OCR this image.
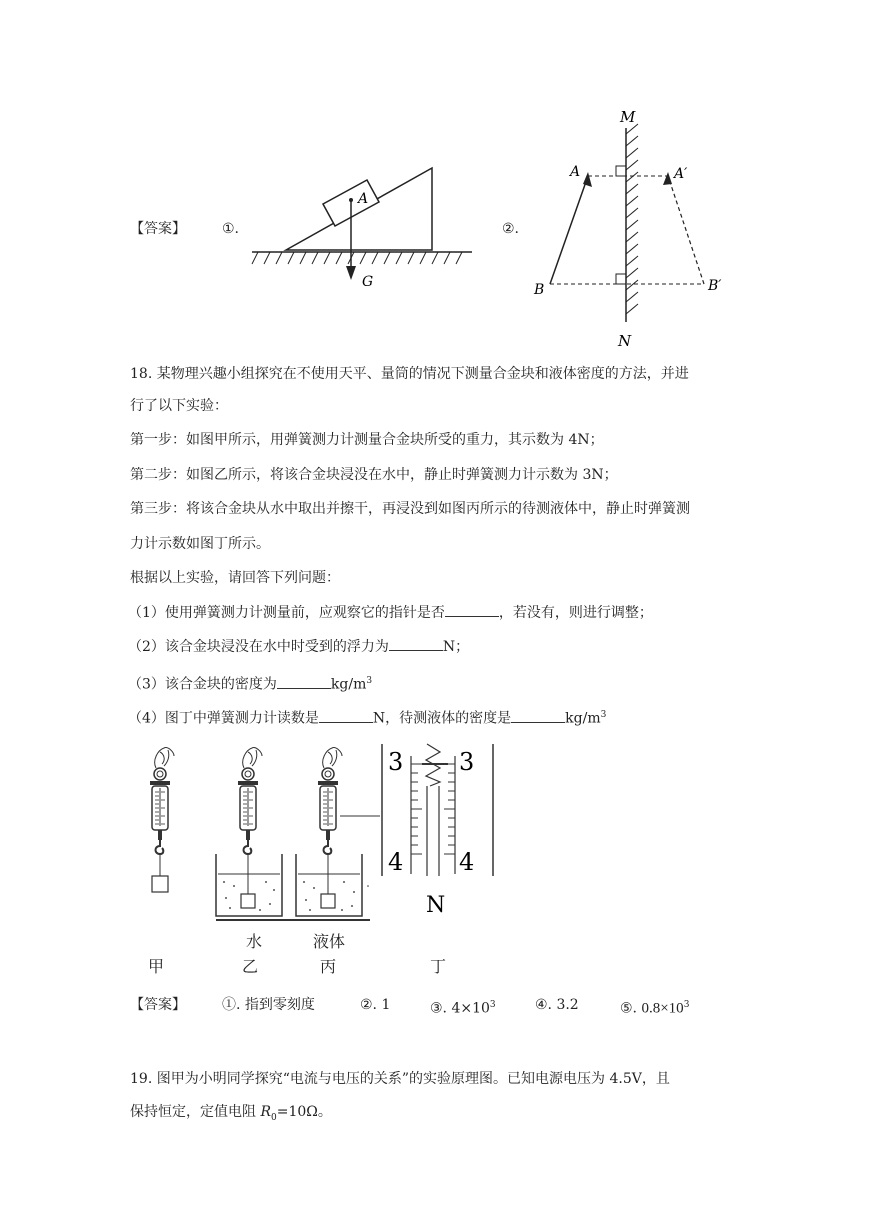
【答案】	①.	②.
A
G
M
N
A	A′
B	B′
18. 某物理兴趣小组探究在不使用天平、量筒的情况下测量合金块和液体密度的方法，并进
行了以下实验：
第一步：如图甲所示，用弹簧测力计测量合金块所受的重力，其示数为 4N；
第二步：如图乙所示，将该合金块浸没在水中，静止时弹簧测力计示数为 3N；
第三步：将该合金块从水中取出并擦干，再浸没到如图丙所示的待测液体中，静止时弹簧测
力计示数如图丁所示。
根据以上实验，请回答下列问题：
（1）使用弹簧测力计测量前，应观察它的指针是否	，若没有，则进行调整；
（2）该合金块浸没在水中时受到的浮力为	N；
（3）该合金块的密度为	$kg/m^3$
（4）图丁中弹簧测力计读数是	N，待测液体的密度是	$kg/m^3$
3 3
4 4
N
水	液体
甲	乙	丙	丁
【答案】	①. 指到零刻度	②. 1	③. $4\times 10^3$	④. 3.2	⑤. $0.8\times 10^3$
19. 图甲为小明同学探究“电流与电压的关系”的实验原理图。已知电源电压为 4.5V，且
保持恒定，定值电阻 $R_0=10\Omega$。
